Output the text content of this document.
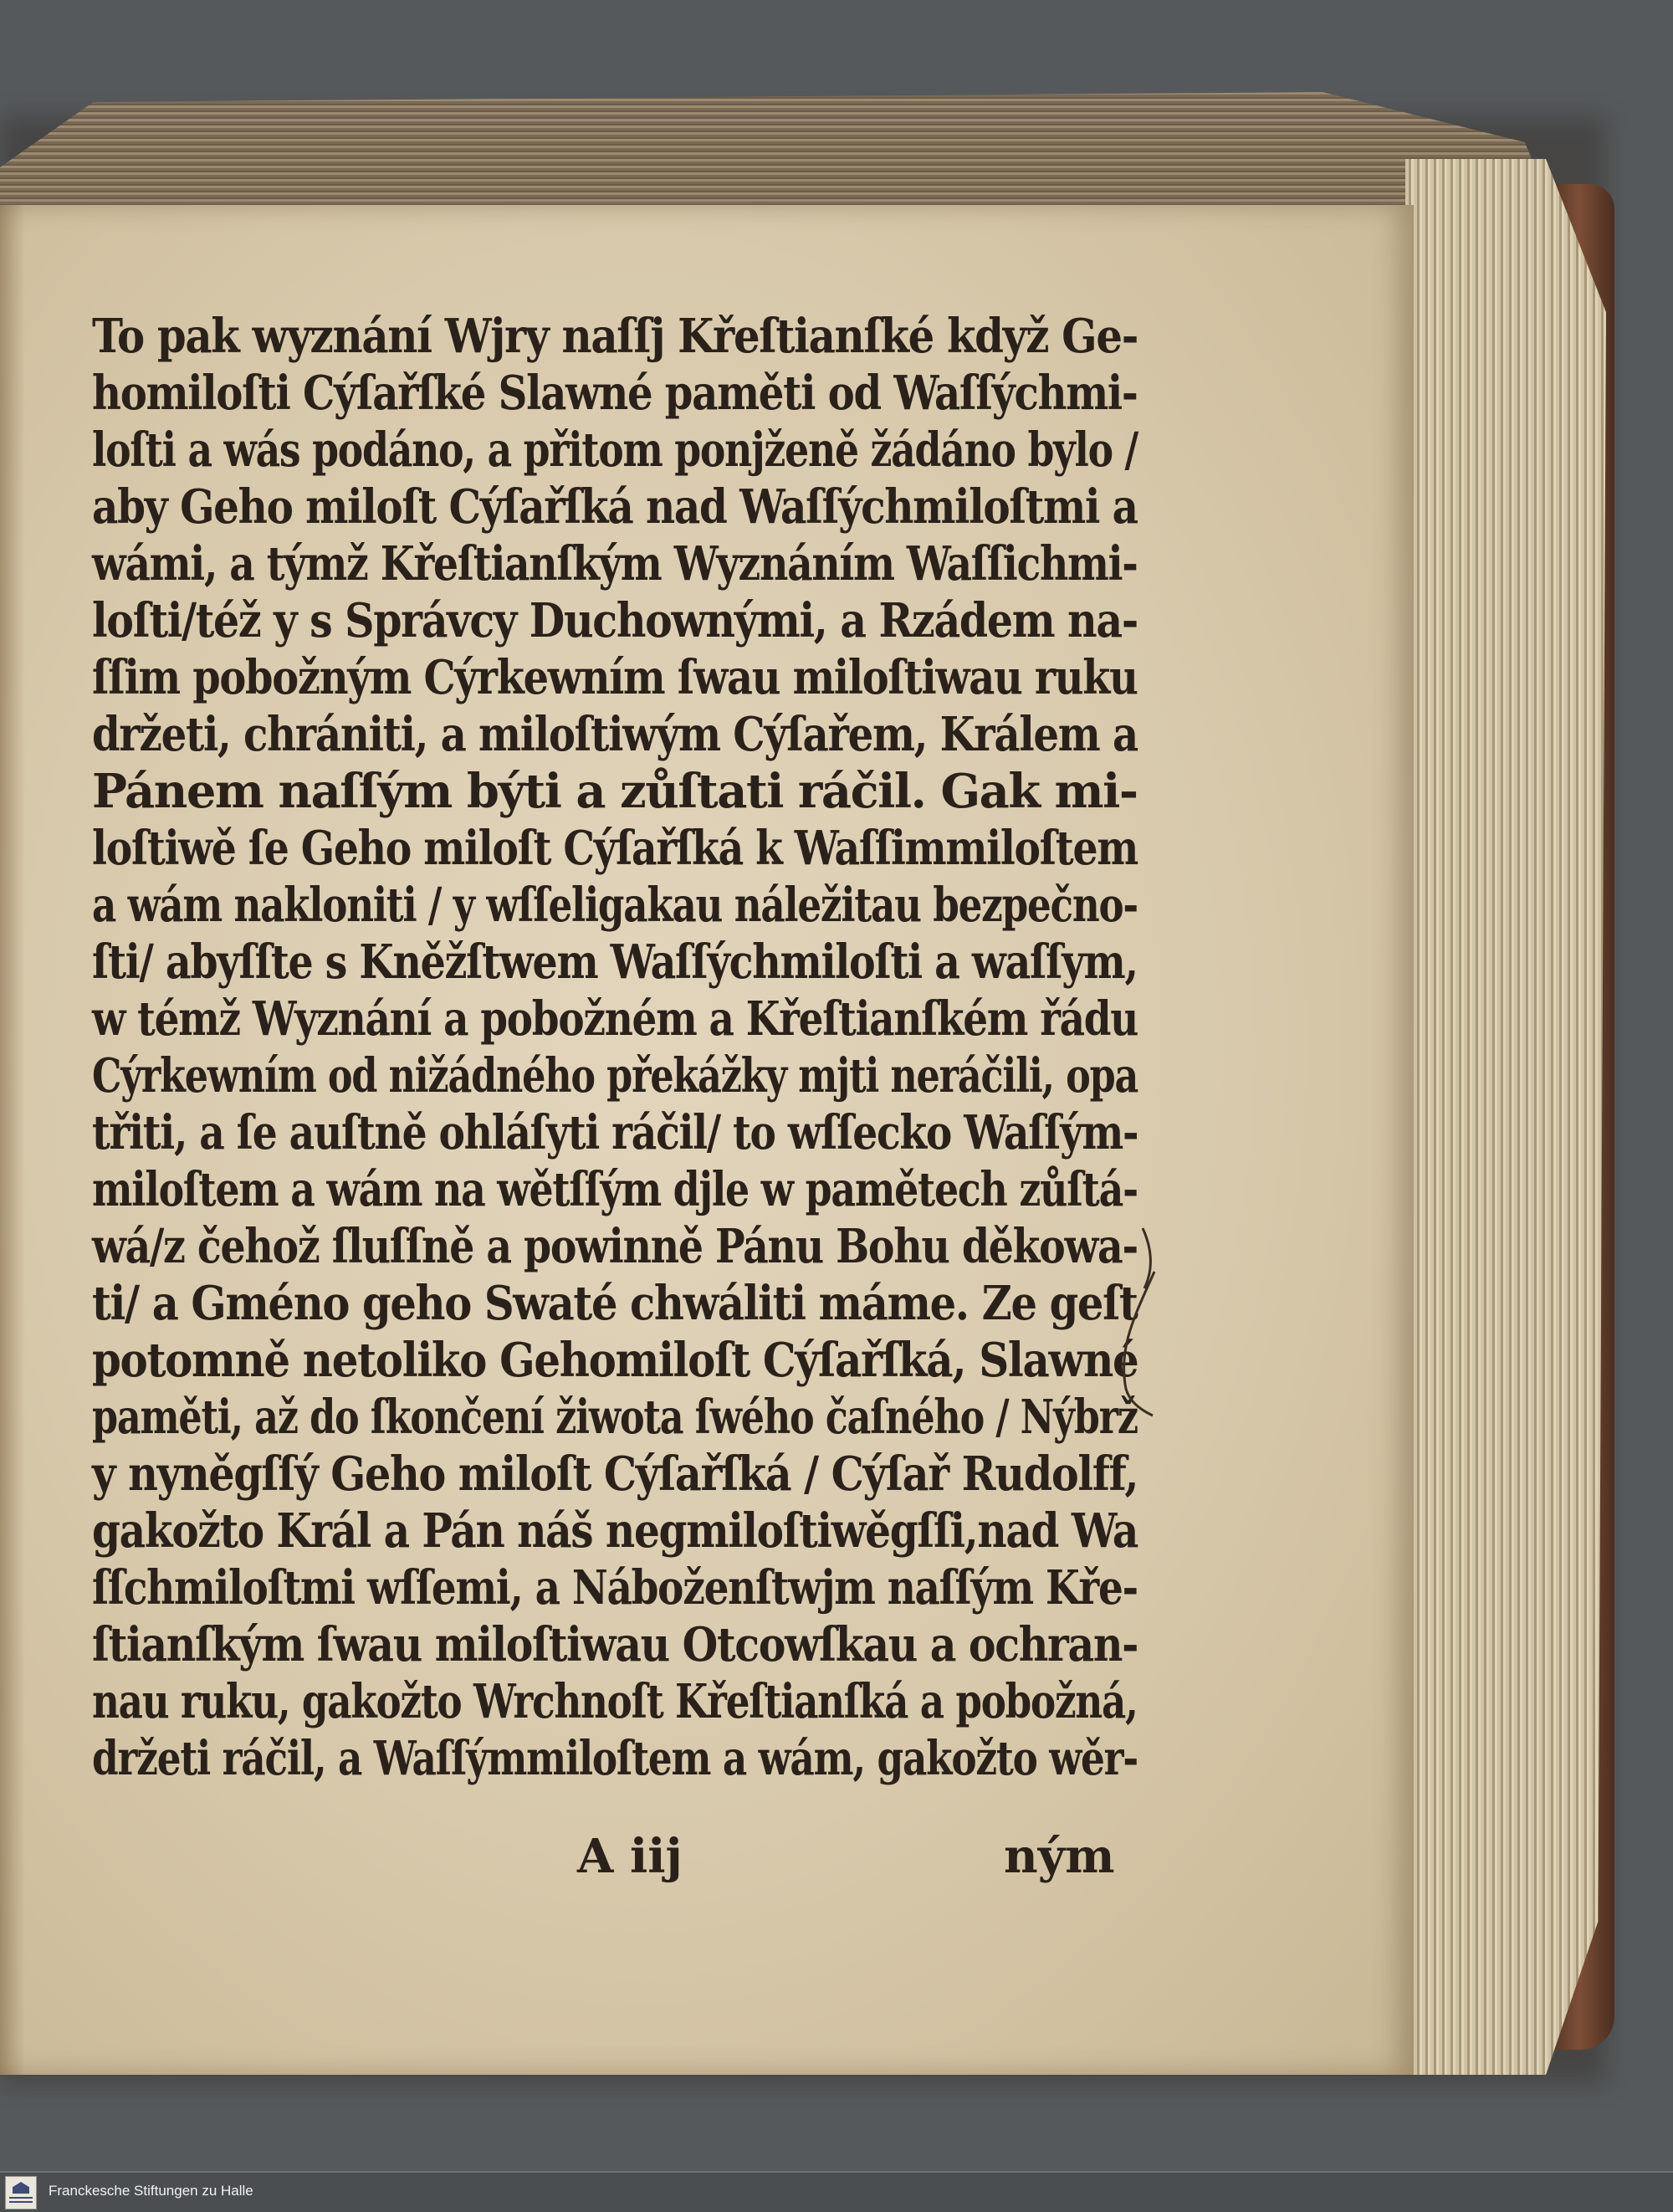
To pak wyznání Wjry naſſj Křeſtianſké když Ge-
homiloſti Cýſařſké Slawné paměti od Waſſýchmi-
loſti a wás podáno, a přitom ponjženě žádáno bylo /
aby Geho miloſt Cýſařſká nad Waſſýchmiloſtmi a
wámi, a týmž Křeſtianſkým Wyznáním Waſſichmi-
loſti/též y s Správcy Duchownými, a Rzádem na-
ſſim pobožným Cýrkewním ſwau miloſtiwau ruku
držeti, chrániti, a miloſtiwým Cýſařem, Králem a
Pánem naſſým býti a zůſtati ráčil. Gak mi-
loſtiwě ſe Geho miloſt Cýſařſká k Waſſimmiloſtem
a wám nakloniti / y wſſeligakau náležitau bezpečno-
ſti/ abyſſte s Kněžſtwem Waſſýchmiloſti a waſſym,
w témž Wyznání a pobožném a Křeſtianſkém řádu
Cýrkewním od nižádného překážky mjti neráčili, opa
třiti, a ſe auſtně ohláſyti ráčil/ to wſſecko Waſſým-
miloſtem a wám na wětſſým djle w pamětech zůſtá-
wá/z čehož ſluſſně a powinně Pánu Bohu děkowa-
ti/ a Gméno geho Swaté chwáliti máme. Ze geſt
potomně netoliko Gehomiloſt Cýſařſká, Slawné
paměti, až do ſkončení žiwota ſwého čaſného / Nýbrž
y nyněgſſý Geho miloſt Cýſařſká / Cýſař Rudolff,
gakožto Král a Pán náš negmiloſtiwěgſſi,nad Wa
ſſchmiloſtmi wſſemi, a Náboženſtwjm naſſým Kře-
ſtianſkým ſwau miloſtiwau Otcowſkau a ochran-
nau ruku, gakožto Wrchnoſt Křeſtianſká a pobožná,
držeti ráčil, a Waſſýmmiloſtem a wám, gakožto wěr-
A iij	ným
Franckesche Stiftungen zu Halle
